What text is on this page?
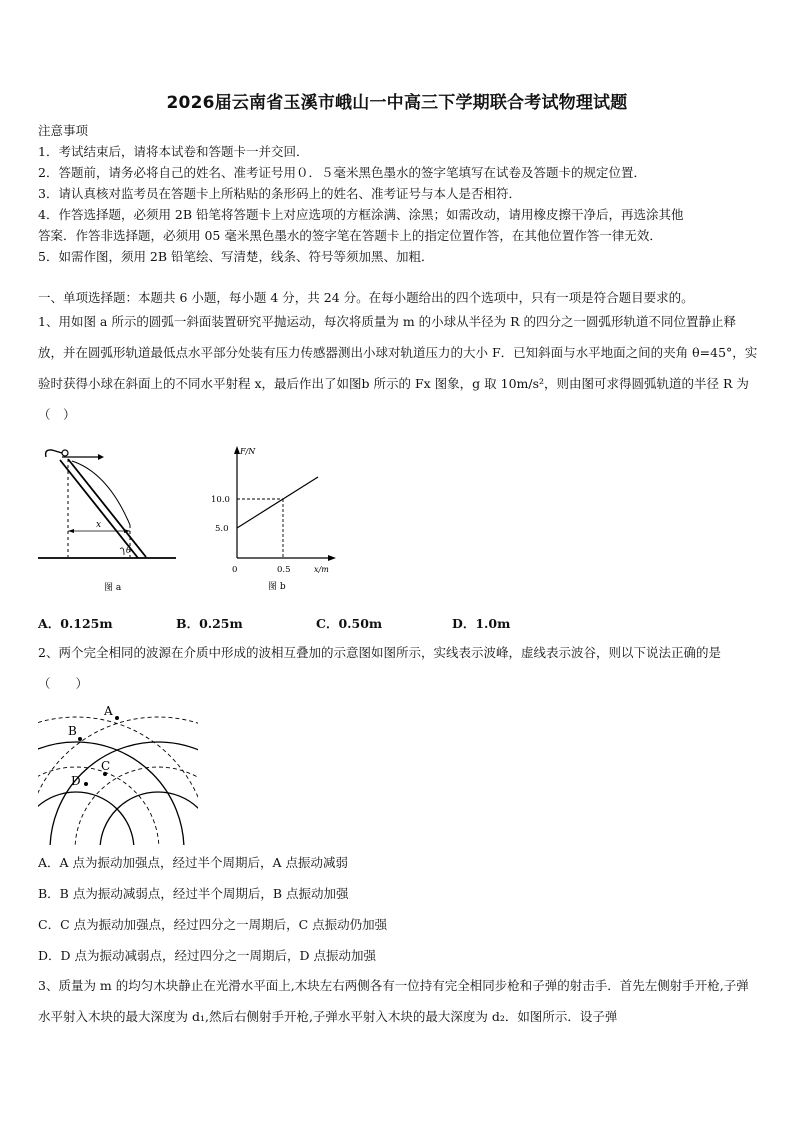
2026届云南省玉溪市峨山一中高三下学期联合考试物理试题
注意事项
1．考试结束后，请将本试卷和答题卡一并交回．
2．答题前，请务必将自己的姓名、准考证号用０．５毫米黑色墨水的签字笔填写在试卷及答题卡的规定位置．
3．请认真核对监考员在答题卡上所粘贴的条形码上的姓名、准考证号与本人是否相符．
4．作答选择题，必须用 2B 铅笔将答题卡上对应选项的方框涂满、涂黑；如需改动，请用橡皮擦干净后，再选涂其他
答案．作答非选择题，必须用 05 毫米黑色墨水的签字笔在答题卡上的指定位置作答，在其他位置作答一律无效．
5．如需作图，须用 2B 铅笔绘、写清楚，线条、符号等须加黑、加粗．
一、单项选择题：本题共 6 小题，每小题 4 分，共 24 分。在每小题给出的四个选项中，只有一项是符合题目要求的。
1、用如图 a 所示的圆弧一斜面装置研究平抛运动，每次将质量为 m 的小球从半径为 R 的四分之一圆弧形轨道不同位置静止释放，并在圆弧形轨道最低点水平部分处装有压力传感器测出小球对轨道压力的大小 F．已知斜面与水平地面之间的夹角 θ=45°，实验时获得小球在斜面上的不同水平射程 x，最后作出了如图b 所示的 Fx 图象，g 取 10m/s²，则由图可求得圆弧轨道的半径 R 为（　）
x
θ
图 a
F/N
x/m
0
10.0
5.0
0.5
图 b
A．0.125m	B．0.25m	C．0.50m	D．1.0m
2、两个完全相同的波源在介质中形成的波相互叠加的示意图如图所示，实线表示波峰，虚线表示波谷，则以下说法正确的是（　　）
A
B
C
D
A．A 点为振动加强点，经过半个周期后，A 点振动减弱
B．B 点为振动减弱点，经过半个周期后，B 点振动加强
C．C 点为振动加强点，经过四分之一周期后，C 点振动仍加强
D．D 点为振动减弱点，经过四分之一周期后，D 点振动加强
3、质量为 m 的均匀木块静止在光滑水平面上,木块左右两侧各有一位持有完全相同步枪和子弹的射击手．首先左侧射手开枪,子弹水平射入木块的最大深度为 d₁,然后右侧射手开枪,子弹水平射入木块的最大深度为 d₂．如图所示．设子弹
